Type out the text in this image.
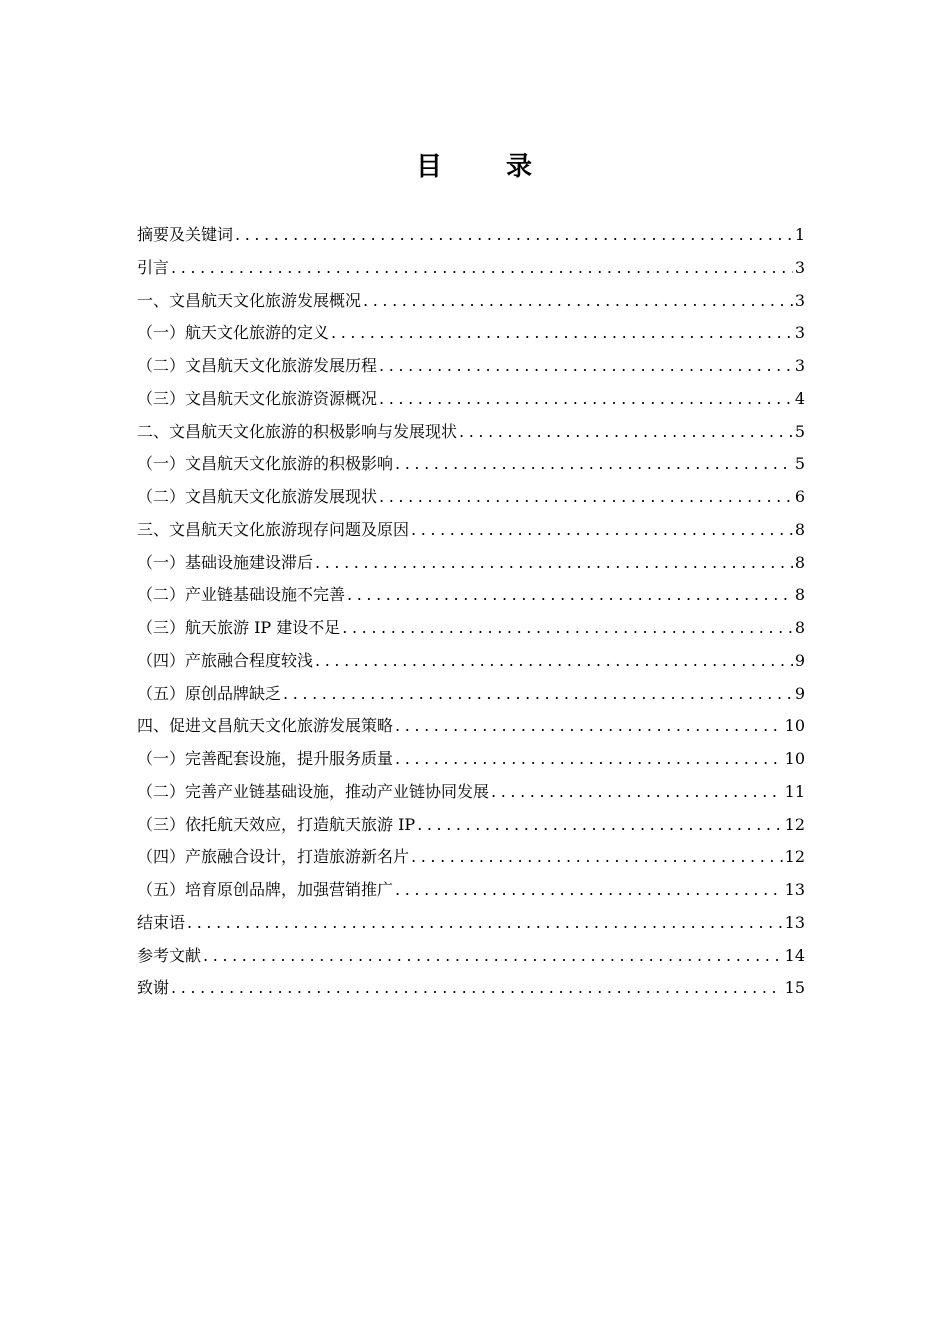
目 录
摘要及关键词 .....	1
引言 .....	3
一、文昌航天文化旅游发展概况 .....	3
（一）航天文化旅游的定义 .....	3
（二）文昌航天文化旅游发展历程 .....	3
（三）文昌航天文化旅游资源概况 .....	4
二、文昌航天文化旅游的积极影响与发展现状 .....	5
（一）文昌航天文化旅游的积极影响 .....	5
（二）文昌航天文化旅游发展现状 .....	6
三、文昌航天文化旅游现存问题及原因 .....	8
（一）基础设施建设滞后 .....	8
（二）产业链基础设施不完善 .....	8
（三）航天旅游 IP 建设不足 .....	8
（四）产旅融合程度较浅 .....	9
（五）原创品牌缺乏 .....	9
四、促进文昌航天文化旅游发展策略 .....	10
（一）完善配套设施，提升服务质量 .....	10
（二）完善产业链基础设施，推动产业链协同发展 .....	11
（三）依托航天效应，打造航天旅游 IP .....	12
（四）产旅融合设计，打造旅游新名片 .....	12
（五）培育原创品牌，加强营销推广 .....	13
结束语 .....	13
参考文献 .....	14
致谢 .....	15
